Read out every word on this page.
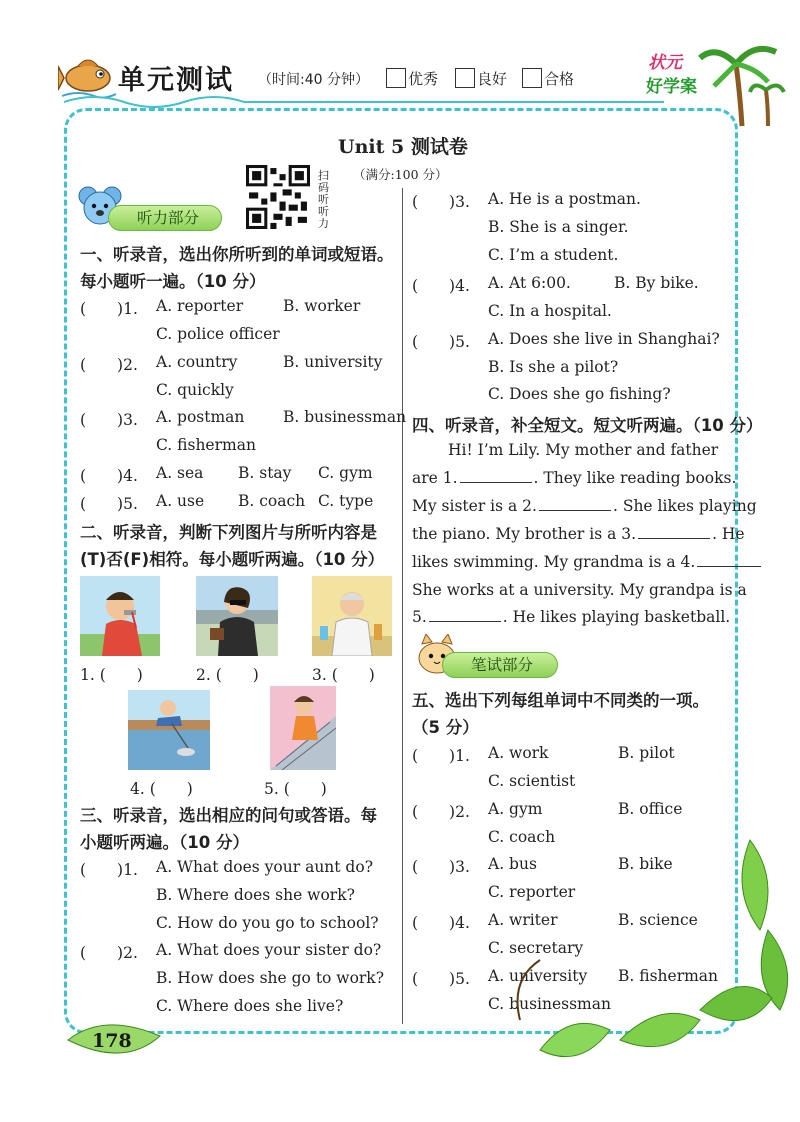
单元测试 （时间:40 分钟）	优秀	良好 合格
状元
好学案
Unit 5 测试卷
（满分:100 分）
扫码听听力
听力部分
一、听录音，选出你所听到的单词或短语。
每小题听一遍。（10 分）
(　　)1. A. reporter	B. worker
C. police officer
(　　)2. A. country	B. university
C. quickly
(　　)3. A. postman B. businessman
C. fisherman
(　　)4. A. sea B. stay C. gym
(　　)5. A. use B. coach C. type
二、听录音，判断下列图片与所听内容是
(T)否(F)相符。每小题听两遍。（10 分）
1. (　　)	2. (　　)	3. (　　)
4. (　　)	5. (　　)
三、听录音，选出相应的问句或答语。每
小题听两遍。（10 分）
(　　)1. A. What does your aunt do?
B. Where does she work?
C. How do you go to school?
(　　)2. A. What does your sister do?
B. How does she go to work?
C. Where does she live?
(　　)3. A. He is a postman.
B. She is a singer.
C. I’m a student.
(　　)4. A. At 6:00.	B. By bike.
C. In a hospital.
(　　)5. A. Does she live in Shanghai?
B. Is she a pilot?
C. Does she go fishing?
四、听录音，补全短文。短文听两遍。（10 分）
Hi! I’m Lily. My mother and father
are 1.	. They like reading books.
My sister is a 2.	. She likes playing
the piano. My brother is a 3.	. He
likes swimming. My grandma is a 4.
She works at a university. My grandpa is a
5.	. He likes playing basketball.
笔试部分
五、选出下列每组单词中不同类的一项。
（5 分）
(　　)1. A. work	B. pilot
C. scientist
(　　)2. A. gym	B. office
C. coach
(　　)3. A. bus	B. bike
C. reporter
(　　)4. A. writer	B. science
C. secretary
(　　)5. A. university B. fisherman
C. businessman
178
